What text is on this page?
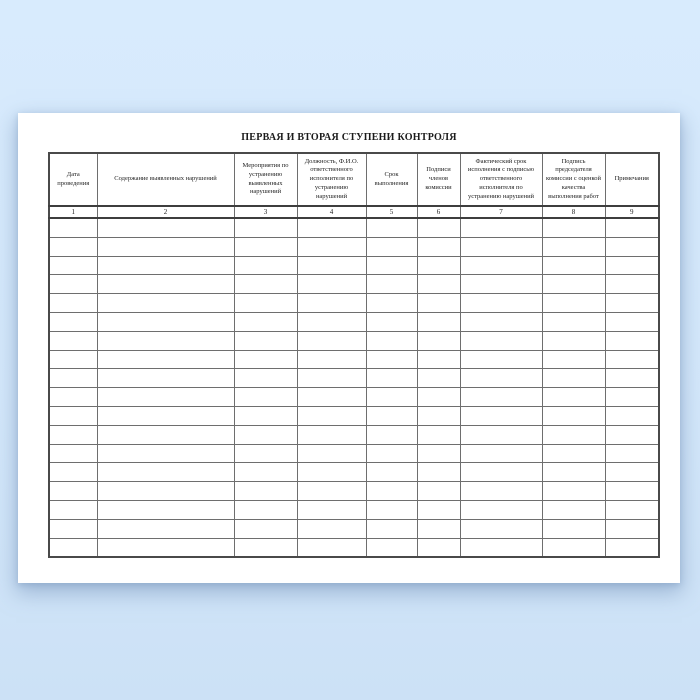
ПЕРВАЯ И ВТОРАЯ СТУПЕНИ КОНТРОЛЯ
Дата проведения	Содержание выявленных нарушений	Мероприятия по устранению выявленных нарушений	Должность, Ф.И.О. ответственного исполнителя по устранению нарушений	Срок выполнения	Подписи членов комиссии	Фактический срок исполнения с подписью ответственного исполнителя по устранению нарушений	Подпись председателя комиссии с оценкой качества выполнения работ	Примечания
1	2	3	4	5	6	7	8	9
